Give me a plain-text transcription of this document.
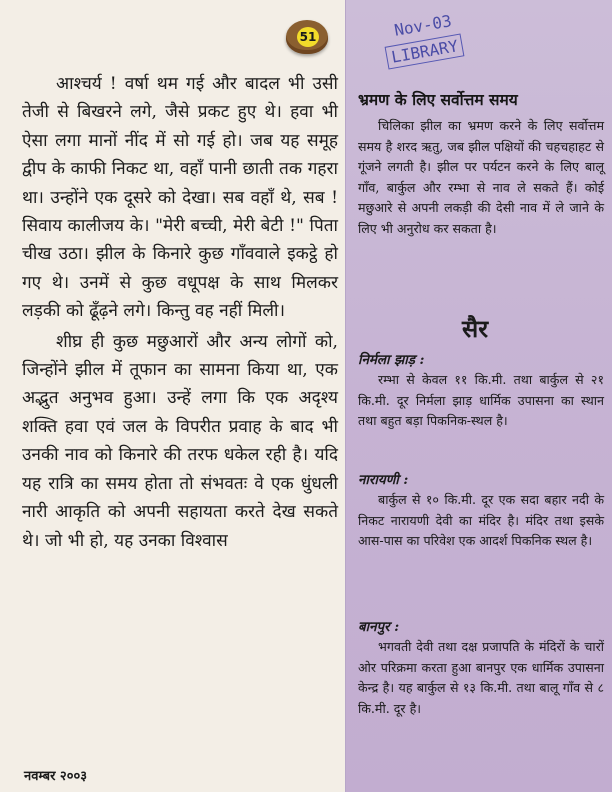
51	Nov-03
LIBRARY

आश्चर्य ! वर्षा थम गई और बादल भी उसी तेजी से बिखरने लगे, जैसे प्रकट हुए थे। हवा भी ऐसा लगा मानों नींद में सो गई हो। जब यह समूह द्वीप के काफी निकट था, वहाँ पानी छाती तक गहरा था। उन्होंने एक दूसरे को देखा। सब वहाँ थे, सब ! सिवाय कालीजय के। "मेरी बच्ची, मेरी बेटी !" पिता चीख उठा। झील के किनारे कुछ गाँववाले इकट्ठे हो गए थे। उनमें से कुछ वधूपक्ष के साथ मिलकर लड़की को ढूँढ़ने लगे। किन्तु वह नहीं मिली।

शीघ्र ही कुछ मछुआरों और अन्य लोगों को, जिन्होंने झील में तूफान का सामना किया था, एक अद्भुत अनुभव हुआ। उन्हें लगा कि एक अदृश्य शक्ति हवा एवं जल के विपरीत प्रवाह के बाद भी उनकी नाव को किनारे की तरफ धकेल रही है। यदि यह रात्रि का समय होता तो संभवतः वे एक धुंधली नारी आकृति को अपनी सहायता करते देख सकते थे। जो भी हो, यह उनका विश्वास

भ्रमण के लिए सर्वोत्तम समय

चिलिका झील का भ्रमण करने के लिए सर्वोत्तम समय है शरद ऋतु, जब झील पक्षियों की चहचहाहट से गूंजने लगती है। झील पर पर्यटन करने के लिए बालू गाँव, बार्कुल और रम्भा से नाव ले सकते हैं। कोई मछुआरे से अपनी लकड़ी की देसी नाव में ले जाने के लिए भी अनुरोध कर सकता है।

सैर
निर्मला झाड़ :

रम्भा से केवल ११ कि.मी. तथा बार्कुल से २१ कि.मी. दूर निर्मला झाड़ धार्मिक उपासना का स्थान तथा बहुत बड़ा पिकनिक-स्थल है।

नारायणी :

बार्कुल से १० कि.मी. दूर एक सदा बहार नदी के निकट नारायणी देवी का मंदिर है। मंदिर तथा इसके आस-पास का परिवेश एक आदर्श पिकनिक स्थल है।

बानपुर :

भगवती देवी तथा दक्ष प्रजापति के मंदिरों के चारों ओर परिक्रमा करता हुआ बानपुर एक धार्मिक उपासना केन्द्र है। यह बार्कुल से १३ कि.मी. तथा बालू गाँव से ८ कि.मी. दूर है।

नवम्बर २००३
